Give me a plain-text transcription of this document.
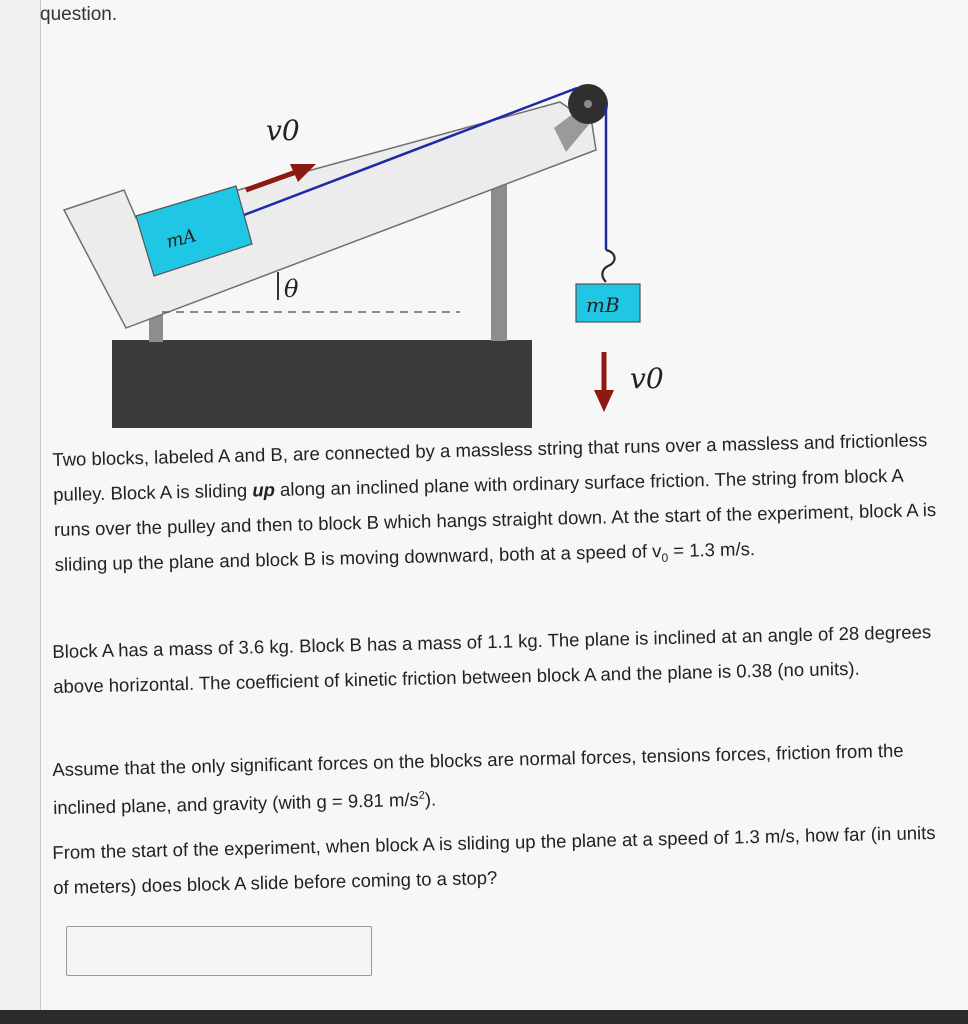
question.
mA
mB
v0
θ
v0
Two blocks, labeled A and B, are connected by a massless string that runs over a massless and frictionless pulley. Block A is sliding up along an inclined plane with ordinary surface friction. The string from block A runs over the pulley and then to block B which hangs straight down. At the start of the experiment, block A is sliding up the plane and block B is moving downward, both at a speed of $v_0 = 1.3$ m/s.
Block A has a mass of 3.6 kg. Block B has a mass of 1.1 kg. The plane is inclined at an angle of 28 degrees above horizontal. The coefficient of kinetic friction between block A and the plane is 0.38 (no units).
Assume that the only significant forces on the blocks are normal forces, tensions forces, friction from the inclined plane, and gravity (with g = 9.81 $m/s^2$).
From the start of the experiment, when block A is sliding up the plane at a speed of 1.3 m/s, how far (in units of meters) does block A slide before coming to a stop?
